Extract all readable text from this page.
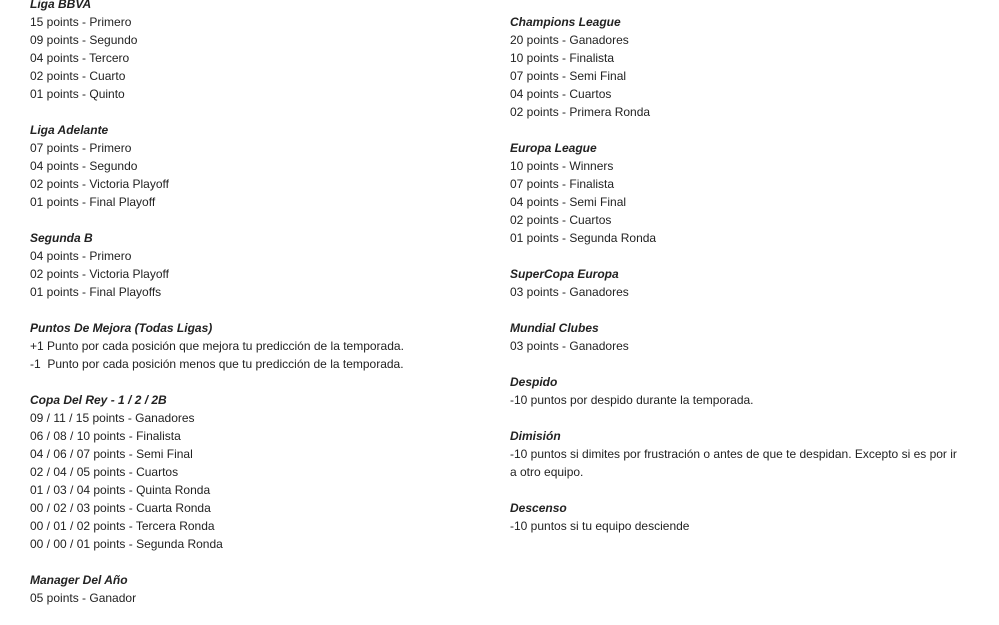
Liga BBVA
15 points - Primero
09 points - Segundo
04 points - Tercero
02 points - Cuarto
01 points - Quinto
Liga Adelante
07 points - Primero
04 points - Segundo
02 points - Victoria Playoff
01 points - Final Playoff
Segunda B
04 points - Primero
02 points - Victoria Playoff
01 points - Final Playoffs
Puntos De Mejora (Todas Ligas)
+1 Punto por cada posición que mejora tu predicción de la temporada.
-1  Punto por cada posición menos que tu predicción de la temporada.
Copa Del Rey - 1 / 2 / 2B
09 / 11 / 15 points - Ganadores
06 / 08 / 10 points - Finalista
04 / 06 / 07 points - Semi Final
02 / 04 / 05 points - Cuartos
01 / 03 / 04 points - Quinta Ronda
00 / 02 / 03 points - Cuarta Ronda
00 / 01 / 02 points - Tercera Ronda
00 / 00 / 01 points - Segunda Ronda
Manager Del Año
05 points - Ganador
Champions League
20 points - Ganadores
10 points - Finalista
07 points - Semi Final
04 points - Cuartos
02 points - Primera Ronda
Europa League
10 points - Winners
07 points - Finalista
04 points - Semi Final
02 points - Cuartos
01 points - Segunda Ronda
SuperCopa Europa
03 points - Ganadores
Mundial Clubes
03 points - Ganadores
Despido
-10 puntos por despido durante la temporada.
Dimisión
-10 puntos si dimites por frustración o antes de que te despidan. Excepto si es por ir
a otro equipo.
Descenso
-10 puntos si tu equipo desciende
